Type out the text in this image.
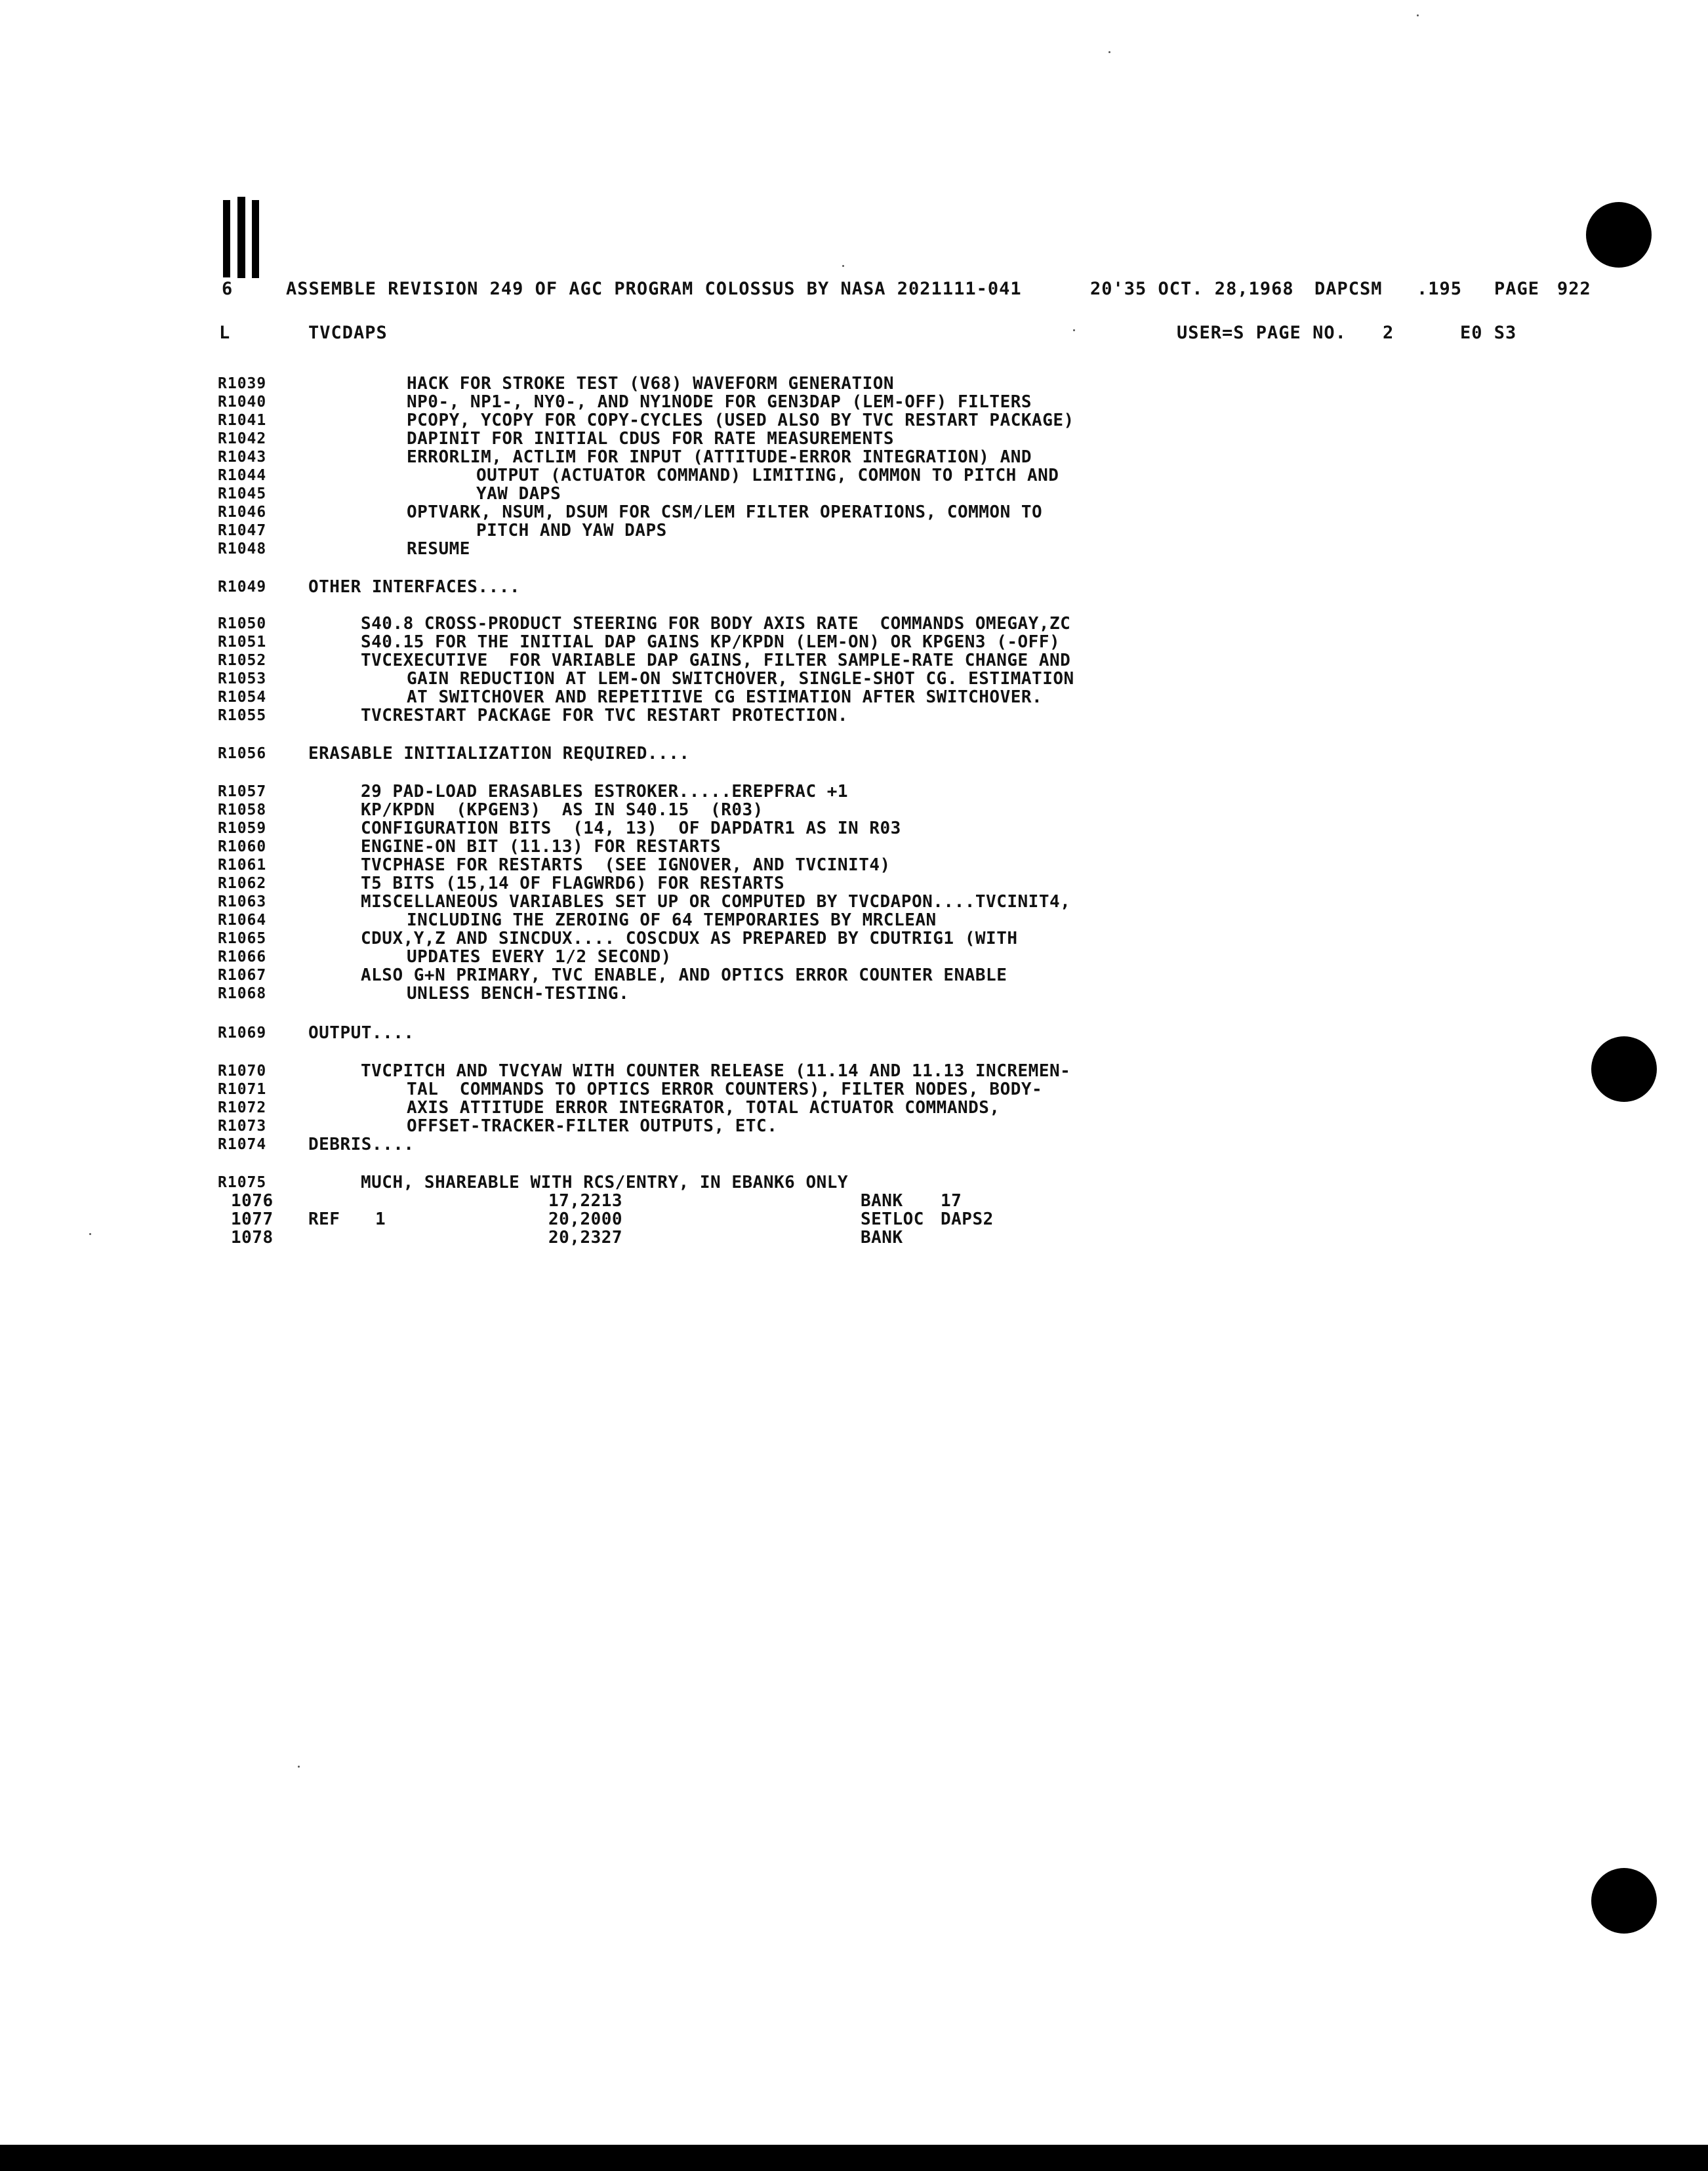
6	ASSEMBLE REVISION 249 OF AGC PROGRAM COLOSSUS BY NASA 2021111-041	20'35 OCT. 28,1968 DAPCSM .195 PAGE 922
L	TVCDAPS	USER=S PAGE NO. 2	E0 S3
R1039	HACK FOR STROKE TEST (V68) WAVEFORM GENERATION
R1040	NP0-, NP1-, NY0-, AND NY1NODE FOR GEN3DAP (LEM-OFF) FILTERS
R1041	PCOPY, YCOPY FOR COPY-CYCLES (USED ALSO BY TVC RESTART PACKAGE)
R1042	DAPINIT FOR INITIAL CDUS FOR RATE MEASUREMENTS
R1043	ERRORLIM, ACTLIM FOR INPUT (ATTITUDE-ERROR INTEGRATION) AND
R1044	OUTPUT (ACTUATOR COMMAND) LIMITING, COMMON TO PITCH AND
R1045	YAW DAPS
R1046	OPTVARK, NSUM, DSUM FOR CSM/LEM FILTER OPERATIONS, COMMON TO
R1047	PITCH AND YAW DAPS
R1048	RESUME
R1049 OTHER INTERFACES....
R1050	S40.8 CROSS-PRODUCT STEERING FOR BODY AXIS RATE  COMMANDS OMEGAY,ZC
R1051	S40.15 FOR THE INITIAL DAP GAINS KP/KPDN (LEM-ON) OR KPGEN3 (-OFF)
R1052	TVCEXECUTIVE  FOR VARIABLE DAP GAINS, FILTER SAMPLE-RATE CHANGE AND
R1053	GAIN REDUCTION AT LEM-ON SWITCHOVER, SINGLE-SHOT CG. ESTIMATION
R1054	AT SWITCHOVER AND REPETITIVE CG ESTIMATION AFTER SWITCHOVER.
R1055	TVCRESTART PACKAGE FOR TVC RESTART PROTECTION.
R1056 ERASABLE INITIALIZATION REQUIRED....
R1057	29 PAD-LOAD ERASABLES ESTROKER.....EREPFRAC +1
R1058	KP/KPDN  (KPGEN3)  AS IN S40.15  (R03)
R1059	CONFIGURATION BITS  (14, 13)  OF DAPDATR1 AS IN R03
R1060	ENGINE-ON BIT (11.13) FOR RESTARTS
R1061	TVCPHASE FOR RESTARTS  (SEE IGNOVER, AND TVCINIT4)
R1062	T5 BITS (15,14 OF FLAGWRD6) FOR RESTARTS
R1063	MISCELLANEOUS VARIABLES SET UP OR COMPUTED BY TVCDAPON....TVCINIT4,
R1064	INCLUDING THE ZEROING OF 64 TEMPORARIES BY MRCLEAN
R1065	CDUX,Y,Z AND SINCDUX.... COSCDUX AS PREPARED BY CDUTRIG1 (WITH
R1066	UPDATES EVERY 1/2 SECOND)
R1067	ALSO G+N PRIMARY, TVC ENABLE, AND OPTICS ERROR COUNTER ENABLE
R1068	UNLESS BENCH-TESTING.
R1069 OUTPUT....
R1070	TVCPITCH AND TVCYAW WITH COUNTER RELEASE (11.14 AND 11.13 INCREMEN-
R1071	TAL  COMMANDS TO OPTICS ERROR COUNTERS), FILTER NODES, BODY-
R1072	AXIS ATTITUDE ERROR INTEGRATOR, TOTAL ACTUATOR COMMANDS,
R1073	OFFSET-TRACKER-FILTER OUTPUTS, ETC.
R1074 DEBRIS....
R1075	MUCH, SHAREABLE WITH RCS/ENTRY, IN EBANK6 ONLY
1076	17,2213	BANK 17
1077 REF 1	20,2000	SETLOC DAPS2
1078	20,2327	BANK
